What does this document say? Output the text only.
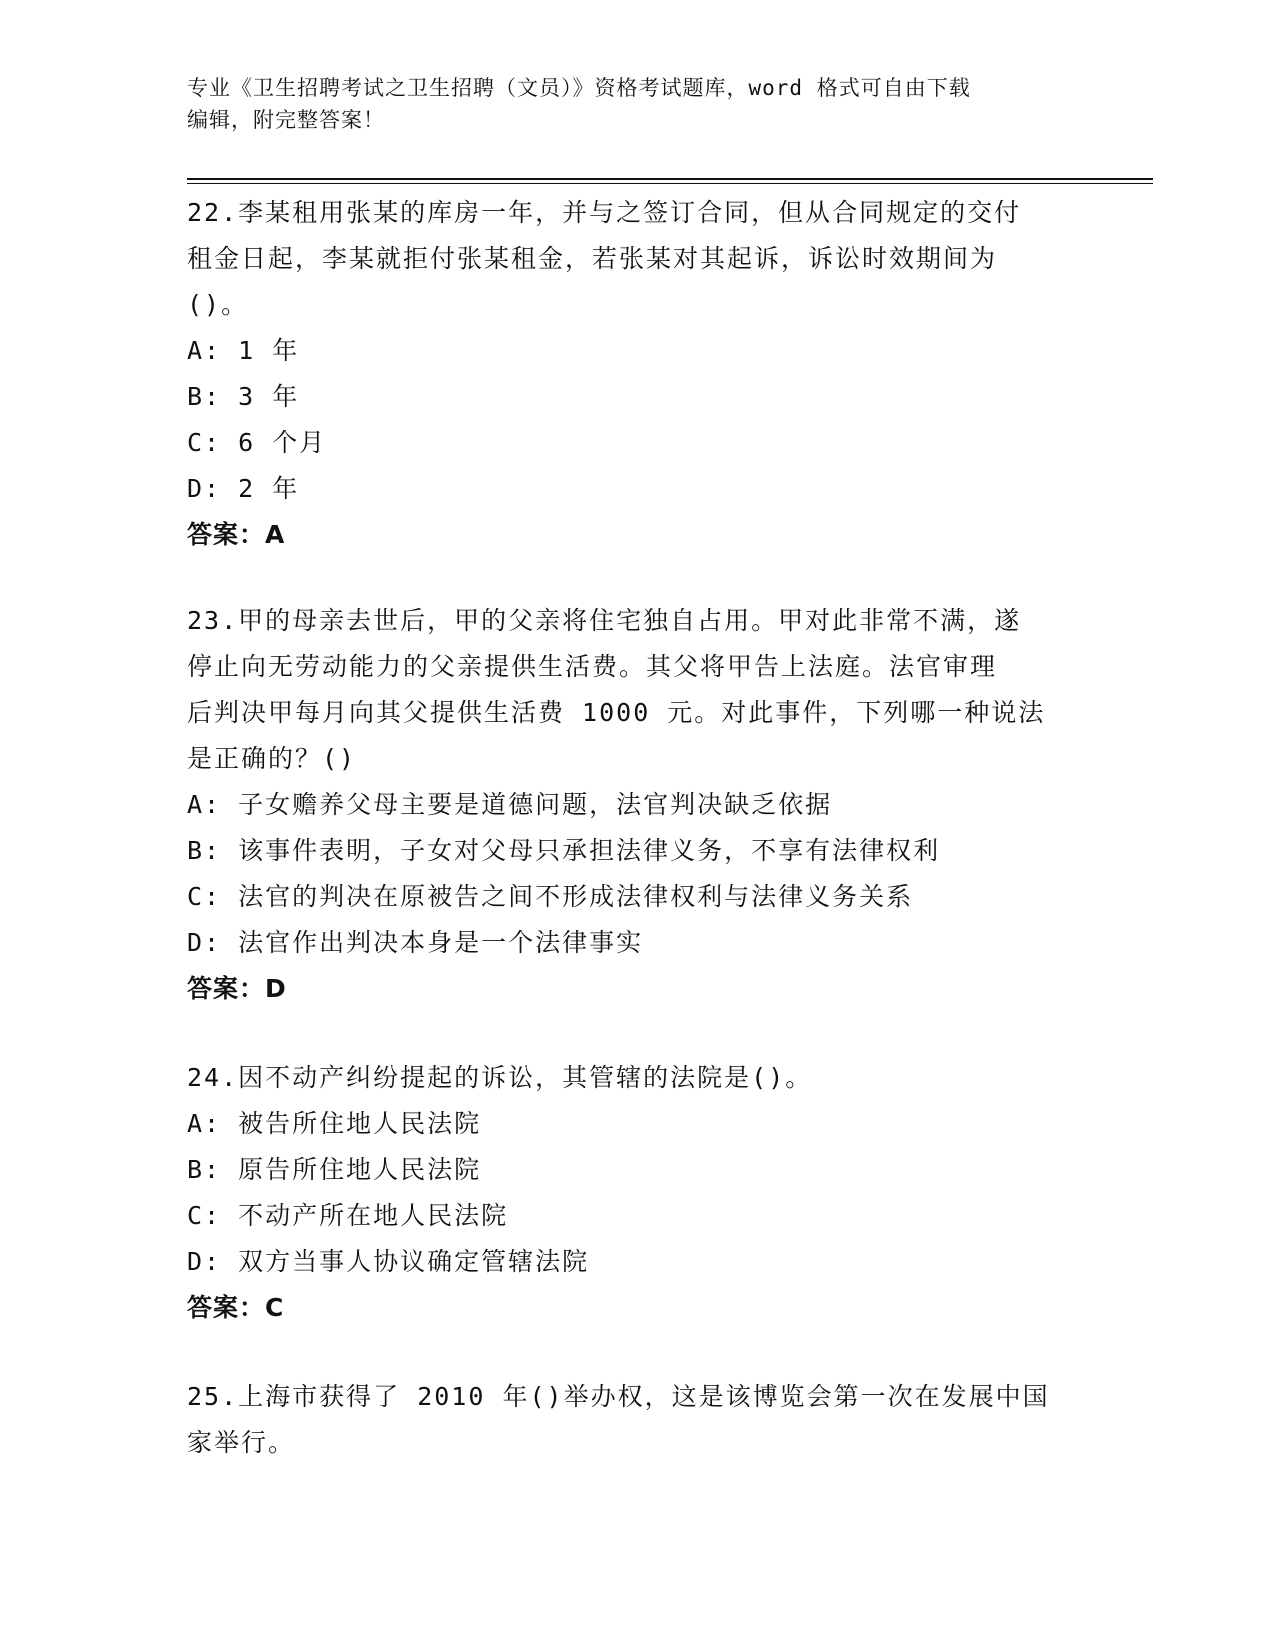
专业《卫生招聘考试之卫生招聘（文员）》资格考试题库，word 格式可自由下载
编辑，附完整答案！

22.李某租用张某的库房一年，并与之签订合同，但从合同规定的交付

租金日起，李某就拒付张某租金，若张某对其起诉，诉讼时效期间为

()。

A: 1 年

B: 3 年

C: 6 个月

D: 2 年

答案：A

23.甲的母亲去世后，甲的父亲将住宅独自占用。甲对此非常不满，遂

停止向无劳动能力的父亲提供生活费。其父将甲告上法庭。法官审理

后判决甲每月向其父提供生活费 1000 元。对此事件，下列哪一种说法

是正确的？()

A: 子女赡养父母主要是道德问题，法官判决缺乏依据

B: 该事件表明，子女对父母只承担法律义务，不享有法律权利

C: 法官的判决在原被告之间不形成法律权利与法律义务关系

D: 法官作出判决本身是一个法律事实

答案：D

24.因不动产纠纷提起的诉讼，其管辖的法院是()。

A: 被告所住地人民法院

B: 原告所住地人民法院

C: 不动产所在地人民法院

D: 双方当事人协议确定管辖法院

答案：C

25.上海市获得了 2010 年()举办权，这是该博览会第一次在发展中国

家举行。
